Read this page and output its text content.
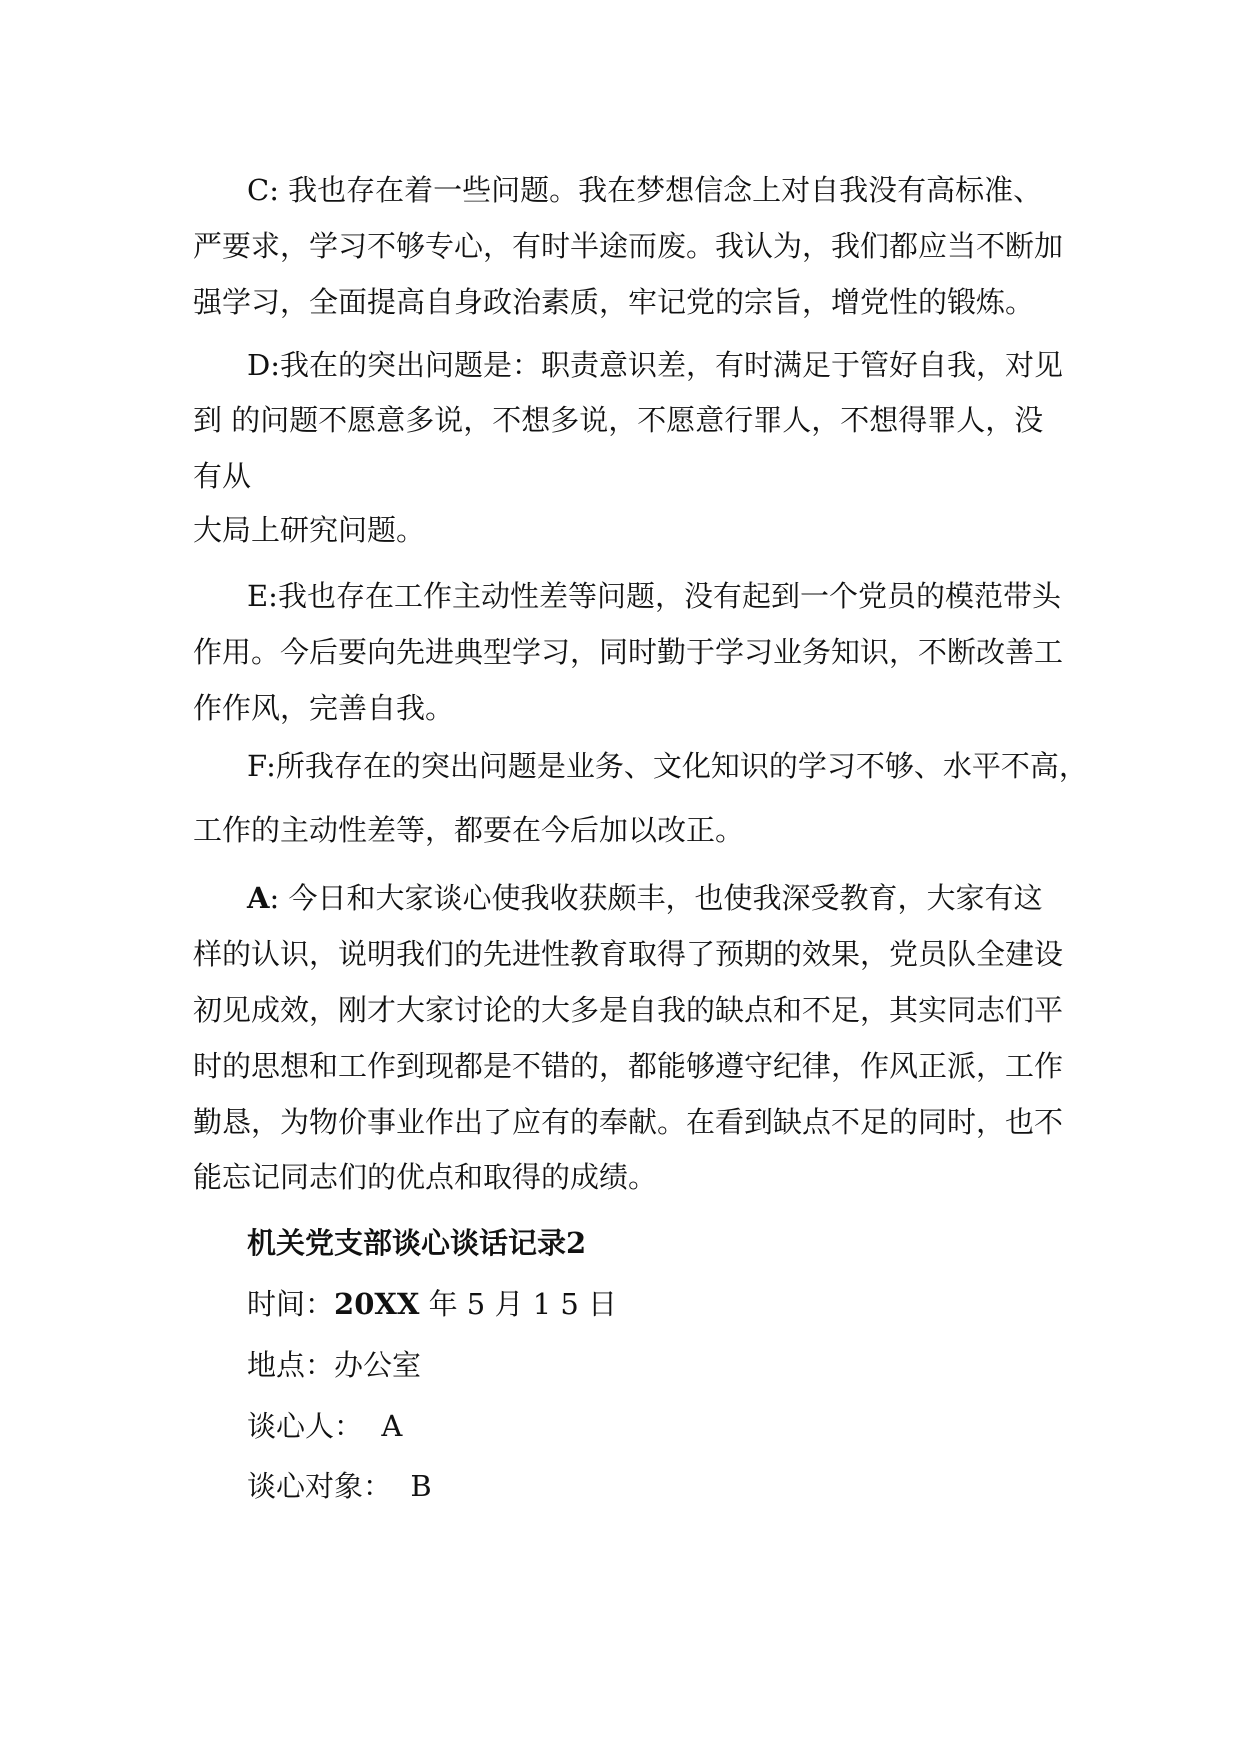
C: 我也存在着一些问题。我在梦想信念上对自我没有高标准、
严要求，学习不够专心，有时半途而废。我认为，我们都应当不断加
强学习，全面提高自身政治素质，牢记党的宗旨，增党性的锻炼。
D:我在的突出问题是：职责意识差，有时满足于管好自我，对见
到 的问题不愿意多说，不想多说，不愿意行罪人，不想得罪人，没
有从
大局上研究问题。
E:我也存在工作主动性差等问题，没有起到一个党员的模范带头
作用。今后要向先进典型学习，同时勤于学习业务知识，不断改善工
作作风，完善自我。
F:所我存在的突出问题是业务、文化知识的学习不够、水平不高，
工作的主动性差等，都要在今后加以改正。
A: 今日和大家谈心使我收获颇丰，也使我深受教育，大家有这
样的认识，说明我们的先进性教育取得了预期的效果，党员队全建设
初见成效，刚才大家讨论的大多是自我的缺点和不足，其实同志们平
时的思想和工作到现都是不错的，都能够遵守纪律，作风正派，工作
勤恳，为物价事业作出了应有的奉献。在看到缺点不足的同时，也不
能忘记同志们的优点和取得的成绩。
机关党支部谈心谈话记录2
时间：20XX 年 5 月 1 5 日
地点：办公室
谈心人：  A
谈心对象：  B
